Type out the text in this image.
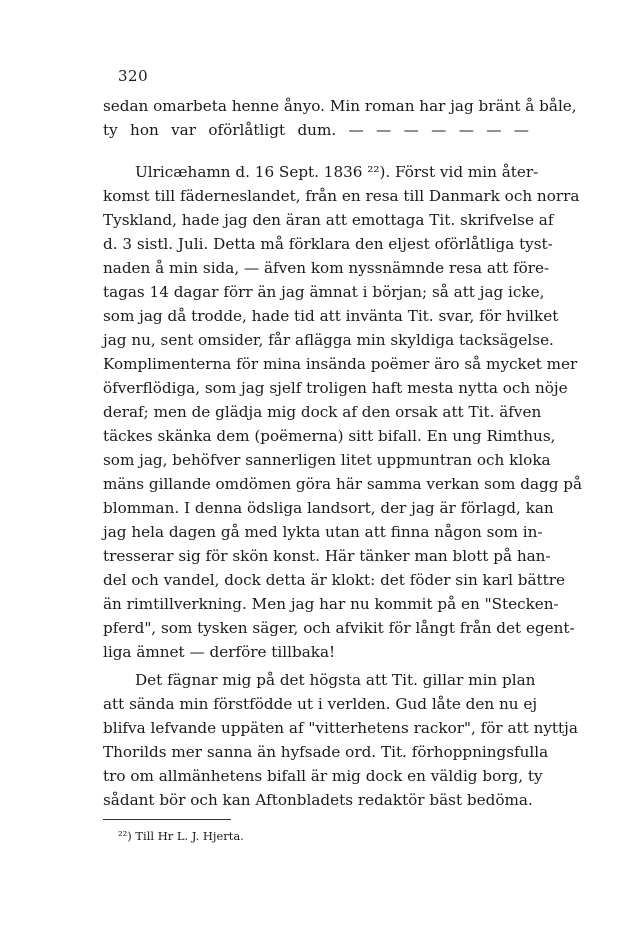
320
sedan omarbeta henne ånyo. Min roman har jag bränt å båle,
ty hon var oförlåtligt dum. — — — — — — —
Ulricæhamn d. 16 Sept. 1836 ²²). Först vid min åter-
komst till fäderneslandet, från en resa till Danmark och norra
Tyskland, hade jag den äran att emottaga Tit. skrifvelse af
d. 3 sistl. Juli. Detta må förklara den eljest oförlåtliga tyst-
naden å min sida, — äfven kom nyssnämnde resa att före-
tagas 14 dagar förr än jag ämnat i början; så att jag icke,
som jag då trodde, hade tid att invänta Tit. svar, för hvilket
jag nu, sent omsider, får aflägga min skyldiga tacksägelse.
Komplimenterna för mina insända poëmer äro så mycket mer
öfverflödiga, som jag sjelf troligen haft mesta nytta och nöje
deraf; men de glädja mig dock af den orsak att Tit. äfven
täckes skänka dem (poëmerna) sitt bifall. En ung Rimthus,
som jag, behöfver sannerligen litet uppmuntran och kloka
mäns gillande omdömen göra här samma verkan som dagg på
blomman. I denna ödsliga landsort, der jag är förlagd, kan
jag hela dagen gå med lykta utan att finna någon som in-
tresserar sig för skön konst. Här tänker man blott på han-
del och vandel, dock detta är klokt: det föder sin karl bättre
än rimtillverkning. Men jag har nu kommit på en "Stecken-
pferd", som tysken säger, och afvikit för långt från det egent-
liga ämnet — derföre tillbaka!
Det fägnar mig på det högsta att Tit. gillar min plan
att sända min förstfödde ut i verlden. Gud låte den nu ej
blifva lefvande uppäten af "vitterhetens rackor", för att nyttja
Thorilds mer sanna än hyfsade ord. Tit. förhoppningsfulla
tro om allmänhetens bifall är mig dock en väldig borg, ty
sådant bör och kan Aftonbladets redaktör bäst bedöma.
²²) Till Hr L. J. Hjerta.
